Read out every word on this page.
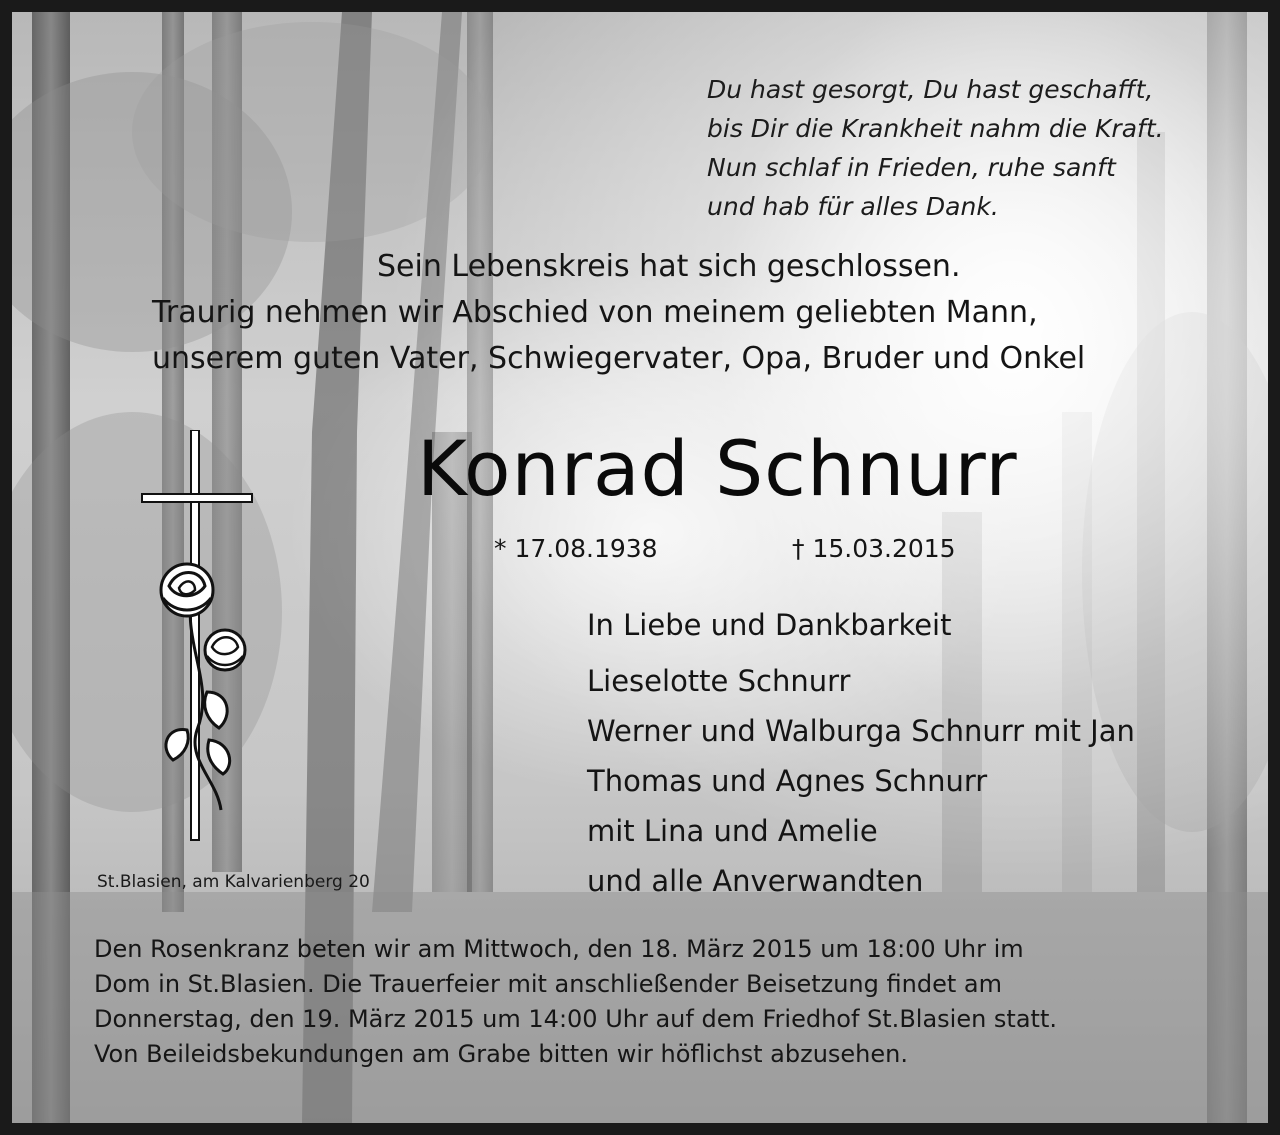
Du hast gesorgt, Du hast geschafft,
bis Dir die Krankheit nahm die Kraft.
Nun schlaf in Frieden, ruhe sanft
und hab für alles Dank.
Sein Lebenskreis hat sich geschlossen.
Traurig nehmen wir Abschied von meinem geliebten Mann,
unserem guten Vater, Schwiegervater, Opa, Bruder und Onkel
Konrad Schnurr
* 17.08.1938	† 15.03.2015
In Liebe und Dankbarkeit
Lieselotte Schnurr
Werner und Walburga Schnurr mit Jan
Thomas und Agnes Schnurr
mit Lina und Amelie
und alle Anverwandten
St.Blasien, am Kalvarienberg 20
Den Rosenkranz beten wir am Mittwoch, den 18. März 2015 um 18:00 Uhr im
Dom in St.Blasien. Die Trauerfeier mit anschließender Beisetzung findet am
Donnerstag, den 19. März 2015 um 14:00 Uhr auf dem Friedhof St.Blasien statt.
Von Beileidsbekundungen am Grabe bitten wir höflichst abzusehen.
